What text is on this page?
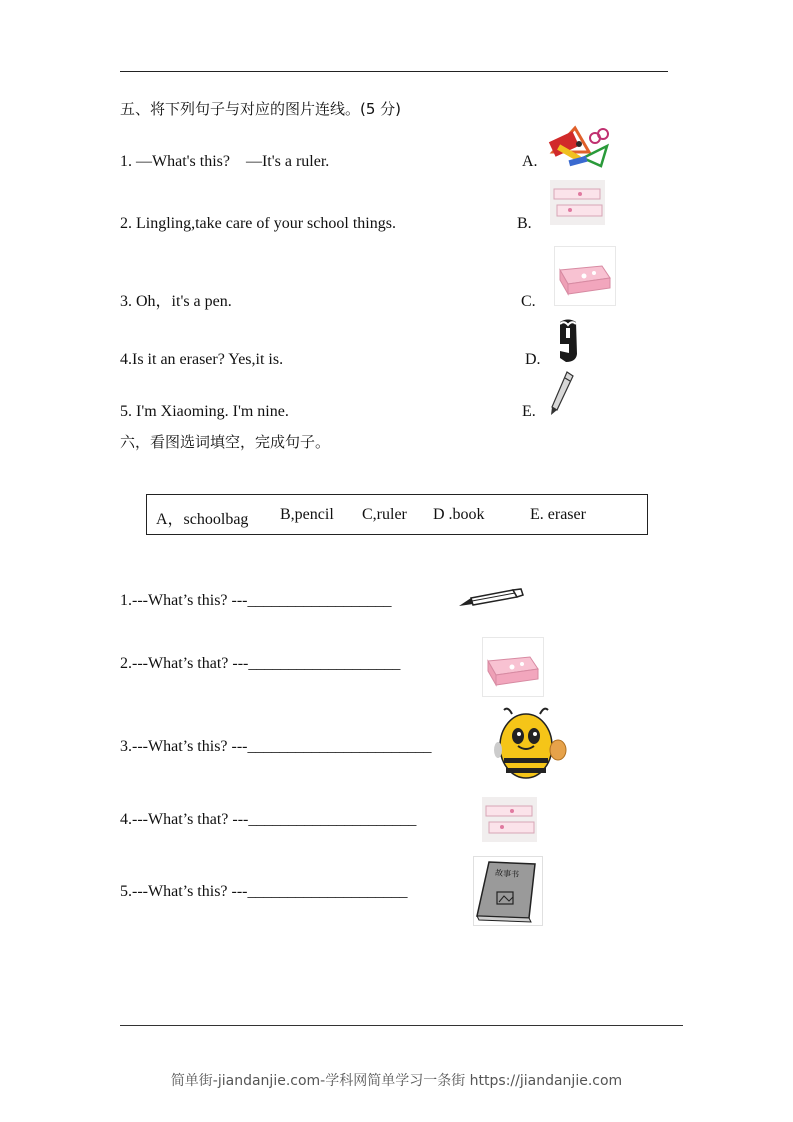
五、将下列句子与对应的图片连线。(5 分)
1. —What's this?    —It's a ruler.
2. Lingling,take care of your school things.
3. Oh，it's a pen.
4.Is it an eraser? Yes,it is.
5. I'm Xiaoming. I'm nine.
A.
B.
C.
D.
E.
六，看图选词填空，完成句子。
A，schoolbag B,pencil C,ruler D .book	E. eraser
1.---What’s this? ---__________________
2.---What’s that? ---___________________
3.---What’s this? ---_______________________
4.---What’s that? ---_____________________
5.---What’s this? ---____________________
故事书
简单街-jiandanjie.com-学科网简单学习一条街 https://jiandanjie.com
